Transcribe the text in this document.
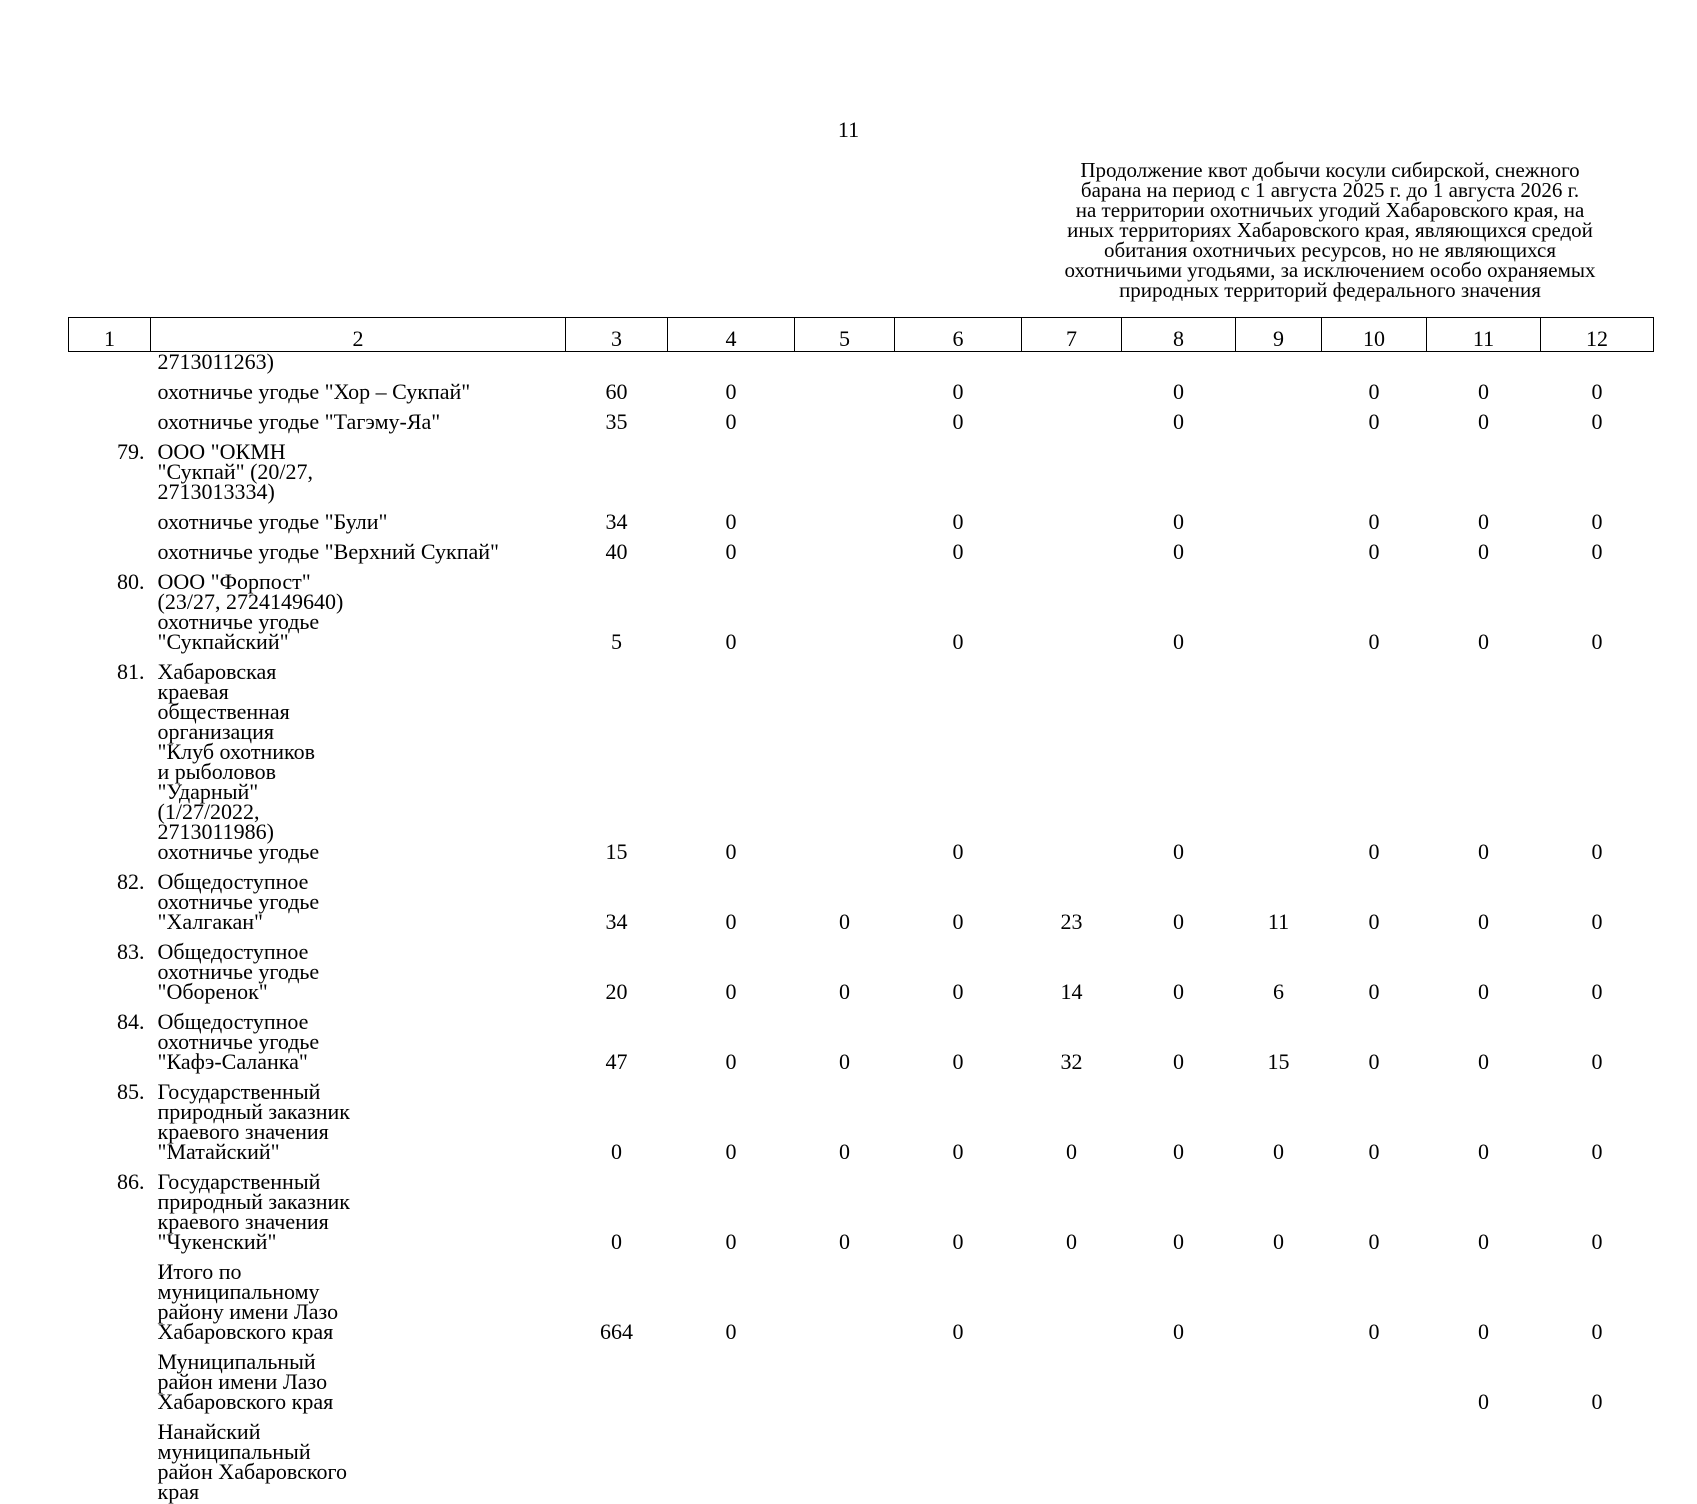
11
Продолжение квот добычи косули сибирской, снежного
барана на период с 1 августа 2025 г. до 1 августа 2026 г.
на территории охотничьих угодий Хабаровского края, на
иных территориях Хабаровского края, являющихся средой
обитания охотничьих ресурсов, но не являющихся
охотничьими угодьями, за исключением особо охраняемых
природных территорий федерального значения
1	2	3	4	5	6	7	8	9	10	11	12
	2713011263)										
	охотничье угодье "Хор – Сукпай"	60	0		0		0		0	0	0
	охотничье угодье "Тагэму-Яа"	35	0		0		0		0	0	0
79.	ООО "ОКМН "Сукпай" (20/27, 2713013334)										
	охотничье угодье "Були"	34	0		0		0		0	0	0
	охотничье угодье "Верхний Сукпай"	40	0		0		0		0	0	0
80.	ООО "Форпост" (23/27, 2724149640) охотничье угодье "Сукпайский"	5	0		0		0		0	0	0
81.	Хабаровская краевая общественная организация "Клуб охотников и рыболовов "Ударный" (1/27/2022, 2713011986) охотничье угодье	15	0		0		0		0	0	0
82.	Общедоступное охотничье угодье "Халгакан"	34	0	0	0	23	0	11	0	0	0
83.	Общедоступное охотничье угодье "Оборенок"	20	0	0	0	14	0	6	0	0	0
84.	Общедоступное охотничье угодье "Кафэ-Саланка"	47	0	0	0	32	0	15	0	0	0
85.	Государственный природный заказник краевого значения "Матайский"	0	0	0	0	0	0	0	0	0	0
86.	Государственный природный заказник краевого значения "Чукенский"	0	0	0	0	0	0	0	0	0	0
	Итого по муниципальному району имени Лазо Хабаровского края	664	0		0		0		0	0	0
	Муниципальный район имени Лазо Хабаровского края									0	0
	Нанайский муниципальный район Хабаровского края										
